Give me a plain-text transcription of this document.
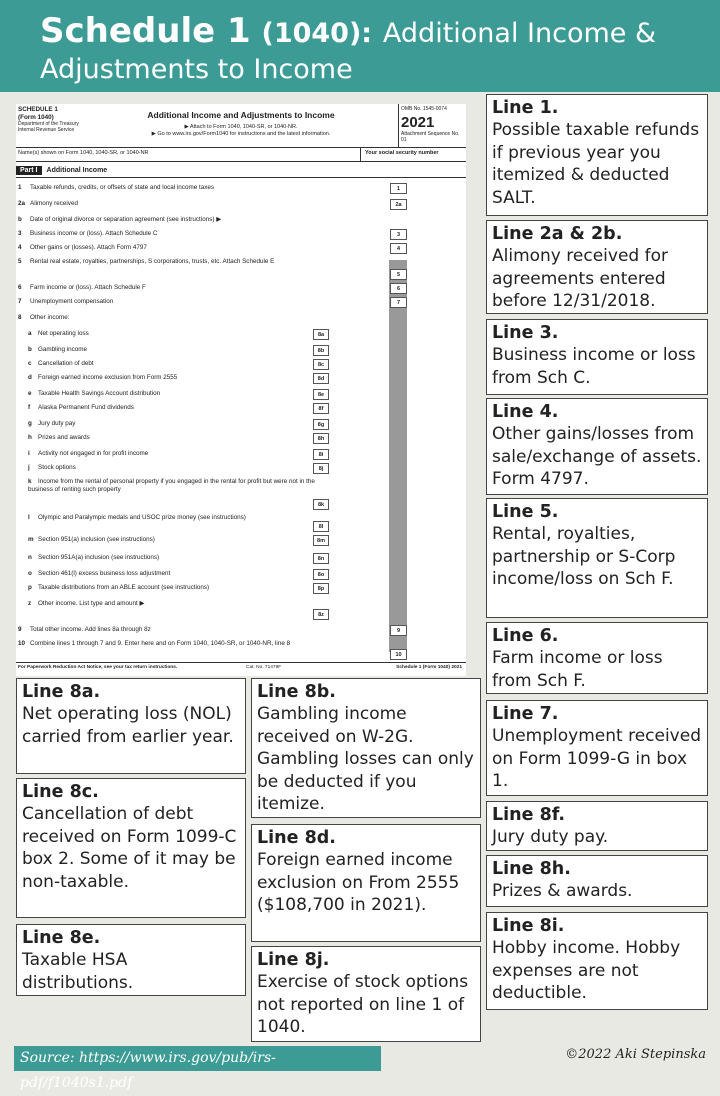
Schedule 1 (1040): Additional Income &
Adjustments to Income
SCHEDULE 1
(Form 1040)
Department of the Treasury Internal Revenue Service
Additional Income and Adjustments to Income
▶ Attach to Form 1040, 1040-SR, or 1040-NR.
▶ Go to www.irs.gov/Form1040 for instructions and the latest information.
OMB No. 1545-0074
2021
Attachment Sequence No. 01
Name(s) shown on Form 1040, 1040-SR, or 1040-NR	Your social security number
Part I Additional Income
1 Taxable refunds, credits, or offsets of state and local income taxes	1
2a Alimony received	2a
b Date of original divorce or separation agreement (see instructions) ▶
3 Business income or (loss). Attach Schedule C	3
4 Other gains or (losses). Attach Form 4797	4
5 Rental real estate, royalties, partnerships, S corporations, trusts, etc. Attach Schedule E
5
6 Farm income or (loss). Attach Schedule F	6
7 Unemployment compensation	7
8 Other income:
a Net operating loss	8a
b Gambling income	8b
c Cancellation of debt	8c
d Foreign earned income exclusion from Form 2555	8d
e Taxable Health Savings Account distribution	8e
f Alaska Permanent Fund dividends	8f
g Jury duty pay	8g
h Prizes and awards	8h
i Activity not engaged in for profit income	8i
j Stock options	8j
k Income from the rental of personal property if you engaged in the rental for profit but were not in the business of renting such property
8k
l Olympic and Paralympic medals and USOC prize money (see instructions)
8l
m Section 951(a) inclusion (see instructions)	8m
n Section 951A(a) inclusion (see instructions)	8n
o Section 461(l) excess business loss adjustment	8o
p Taxable distributions from an ABLE account (see instructions)	8p
z Other income. List type and amount ▶
8z
9 Total other income. Add lines 8a through 8z	9
10 Combine lines 1 through 7 and 9. Enter here and on Form 1040, 1040-SR, or 1040-NR, line 8
10
For Paperwork Reduction Act Notice, see your tax return instructions.	Cat. No. 71479F	Schedule 1 (Form 1040) 2021
Line 1.
Possible taxable refunds if previous year you itemized & deducted SALT.
Line 2a & 2b.
Alimony received for agreements entered before 12/31/2018.
Line 3.
Business income or loss from Sch C.
Line 4.
Other gains/losses from sale/exchange of assets. Form 4797.
Line 5.
Rental, royalties, partnership or S-Corp income/loss on Sch F.
Line 6.
Farm income or loss from Sch F.
Line 7.
Unemployment received on Form 1099-G in box 1.
Line 8f.
Jury duty pay.
Line 8h.
Prizes & awards.
Line 8i.
Hobby income. Hobby expenses are not deductible.
Line 8a.
Net operating loss (NOL) carried from earlier year.
Line 8c.
Cancellation of debt received on Form 1099-C box 2. Some of it may be non-taxable.
Line 8e.
Taxable HSA distributions.
Line 8b.
Gambling income received on W-2G. Gambling losses can only be deducted if you itemize.
Line 8d.
Foreign earned income exclusion on From 2555 ($108,700 in 2021).
Line 8j.
Exercise of stock options not reported on line 1 of 1040.
Source: https://www.irs.gov/pub/irs-pdf/f1040s1.pdf
©2022 Aki Stepinska
